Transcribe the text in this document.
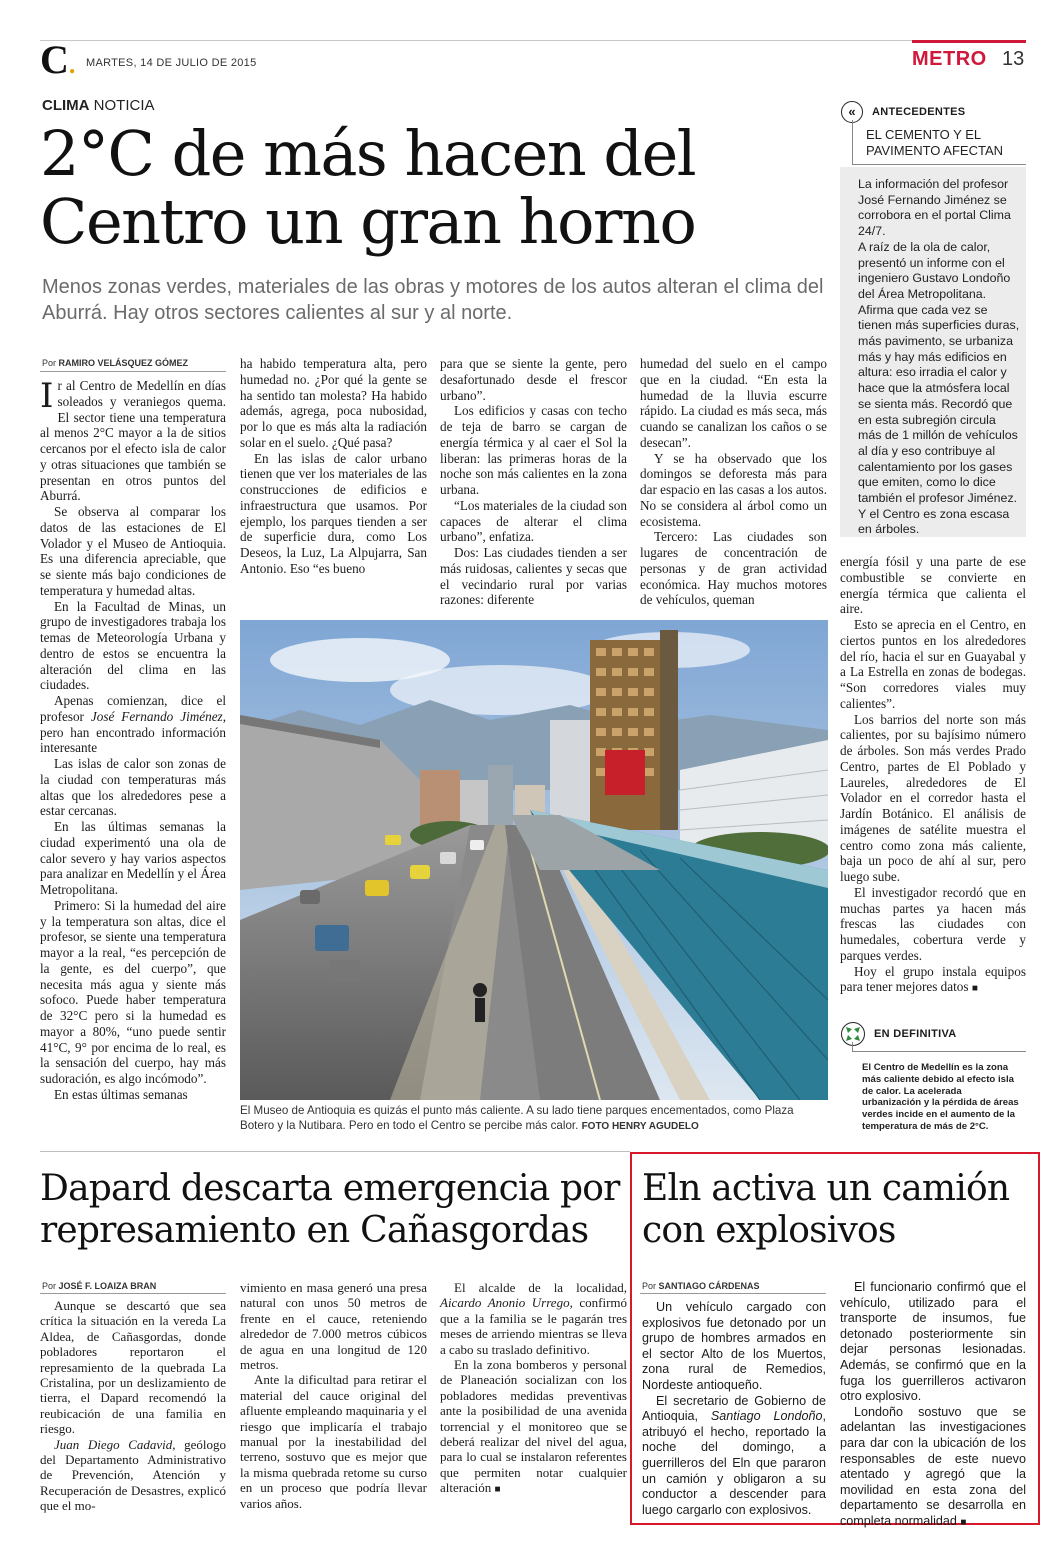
C. MARTES, 14 DE JULIO DE 2015	METRO 13
CLIMA NOTICIA
2°C de más hacen del
Centro un gran horno
Menos zonas verdes, materiales de las obras y motores de los autos alteran el clima del Aburrá. Hay otros sectores calientes al sur y al norte.
Por RAMIRO VELÁSQUEZ GÓMEZ

Ir al Centro de Medellín en días soleados y veraniegos quema. El sector tiene una temperatura al menos 2°C mayor a la de sitios cercanos por el efecto isla de calor y otras situaciones que también se presentan en otros puntos del Aburrá.

Se observa al comparar los datos de las estaciones de El Volador y el Museo de Antioquia. Es una diferencia apreciable, que se siente más bajo condiciones de temperatura y humedad altas.

En la Facultad de Minas, un grupo de investigadores trabaja los temas de Meteorología Urbana y dentro de estos se encuentra la alteración del clima en las ciudades.

Apenas comienzan, dice el profesor José Fernando Jiménez, pero han encontrado información interesante

Las islas de calor son zonas de la ciudad con temperaturas más altas que los alrededores pese a estar cercanas.

En las últimas semanas la ciudad experimentó una ola de calor severo y hay varios aspectos para analizar en Medellín y el Área Metropolitana.

Primero: Si la humedad del aire y la temperatura son altas, dice el profesor, se siente una temperatura mayor a la real, “es percepción de la gente, es del cuerpo”, que necesita más agua y siente más sofoco. Puede haber temperatura de 32°C pero si la humedad es mayor a 80%, “uno puede sentir 41°C, 9° por encima de lo real, es la sensación del cuerpo, hay más sudoración, es algo incómodo”.

En estas últimas semanas

ha habido temperatura alta, pero humedad no. ¿Por qué la gente se ha sentido tan molesta? Ha habido además, agrega, poca nubosidad, por lo que es más alta la radiación solar en el suelo. ¿Qué pasa?

En las islas de calor urbano tienen que ver los materiales de las construcciones de edificios e infraestructura que usamos. Por ejemplo, los parques tienden a ser de superficie dura, como Los Deseos, la Luz, La Alpujarra, San Antonio. Eso “es bueno

para que se siente la gente, pero desafortunado desde el frescor urbano”.

Los edificios y casas con techo de teja de barro se cargan de energía térmica y al caer el Sol la liberan: las primeras horas de la noche son más calientes en la zona urbana.

“Los materiales de la ciudad son capaces de alterar el clima urbano”, enfatiza.

Dos: Las ciudades tienden a ser más ruidosas, calientes y secas que el vecindario rural por varias razones: diferente

humedad del suelo en el campo que en la ciudad. “En esta la humedad de la lluvia escurre rápido. La ciudad es más seca, más cuando se canalizan los caños o se desecan”.

Y se ha observado que los domingos se deforesta más para dar espacio en las casas a los autos. No se considera al árbol como un ecosistema.

Tercero: Las ciudades son lugares de concentración de personas y de gran actividad económica. Hay muchos motores de vehículos, queman

energía fósil y una parte de ese combustible se convierte en energía térmica que calienta el aire.

Esto se aprecia en el Centro, en ciertos puntos en los alrededores del río, hacia el sur en Guayabal y a La Estrella en zonas de bodegas. “Son corredores viales muy calientes”.

Los barrios del norte son más calientes, por su bajísimo número de árboles. Son más verdes Prado Centro, partes de El Poblado y Laureles, alrededores de El Volador en el corredor hasta el Jardín Botánico. El análisis de imágenes de satélite muestra el centro como zona más caliente, baja un poco de ahí al sur, pero luego sube.

El investigador recordó que en muchas partes ya hacen más frescas las ciudades con humedales, cobertura verde y parques verdes.

Hoy el grupo instala equipos para tener mejores datos ■

El Museo de Antioquia es quizás el punto más caliente. A su lado tiene parques encementados, como Plaza Botero y la Nutibara. Pero en todo el Centro se percibe más calor. FOTO HENRY AGUDELO
«	ANTECEDENTES
EL CEMENTO Y EL PAVIMENTO AFECTAN
La información del profesor José Fernando Jiménez se corrobora en el portal Clima 24/7.
A raíz de la ola de calor, presentó un informe con el ingeniero Gustavo Londoño del Área Metropolitana. Afirma que cada vez se tienen más superficies duras, más pavimento, se urbaniza más y hay más edificios en altura: eso irradia el calor y hace que la atmósfera local se sienta más. Recordó que en esta subregión circula más de 1 millón de vehículos al día y eso contribuye al calentamiento por los gases que emiten, como lo dice también el profesor Jiménez.
Y el Centro es zona escasa en árboles.
EN DEFINITIVA
El Centro de Medellín es la zona más caliente debido al efecto isla de calor. La acelerada urbanización y la pérdida de áreas verdes incide en el aumento de la temperatura de más de 2°C.
Dapard descarta emergencia por represamiento en Cañasgordas
Por JOSÉ F. LOAIZA BRAN

Aunque se descartó que sea crítica la situación en la vereda La Aldea, de Cañasgordas, donde pobladores reportaron el represamiento de la quebrada La Cristalina, por un deslizamiento de tierra, el Dapard recomendó la reubicación de una familia en riesgo.

Juan Diego Cadavid, geólogo del Departamento Administrativo de Prevención, Atención y Recuperación de Desastres, explicó que el mo-

vimiento en masa generó una presa natural con unos 50 metros de frente en el cauce, reteniendo alrededor de 7.000 metros cúbicos de agua en una longitud de 120 metros.

Ante la dificultad para retirar el material del cauce original del afluente empleando maquinaria y el riesgo que implicaría el trabajo manual por la inestabilidad del terreno, sostuvo que es mejor que la misma quebrada retome su curso en un proceso que podría llevar varios años.

El alcalde de la localidad, Aicardo Anonio Urrego, confirmó que a la familia se le pagarán tres meses de arriendo mientras se lleva a cabo su traslado definitivo.

En la zona bomberos y personal de Planeación socializan con los pobladores medidas preventivas ante la posibilidad de una avenida torrencial y el monitoreo que se deberá realizar del nivel del agua, para lo cual se instalaron referentes que permiten notar cualquier alteración ■

Eln activa un camión con explosivos
Por SANTIAGO CÁRDENAS

Un vehículo cargado con explosivos fue detonado por un grupo de hombres armados en el sector Alto de los Muertos, zona rural de Remedios, Nordeste antioqueño.

El secretario de Gobierno de Antioquia, Santiago Londoño, atribuyó el hecho, reportado la noche del domingo, a guerrilleros del Eln que pararon un camión y obligaron a su conductor a descender para luego cargarlo con explosivos.

El funcionario confirmó que el vehículo, utilizado para el transporte de insumos, fue detonado posteriormente sin dejar personas lesionadas. Además, se confirmó que en la fuga los guerrilleros activaron otro explosivo.

Londoño sostuvo que se adelantan las investigaciones para dar con la ubicación de los responsables de este nuevo atentado y agregó que la movilidad en esta zona del departamento se desarrolla en completa normalidad ■
